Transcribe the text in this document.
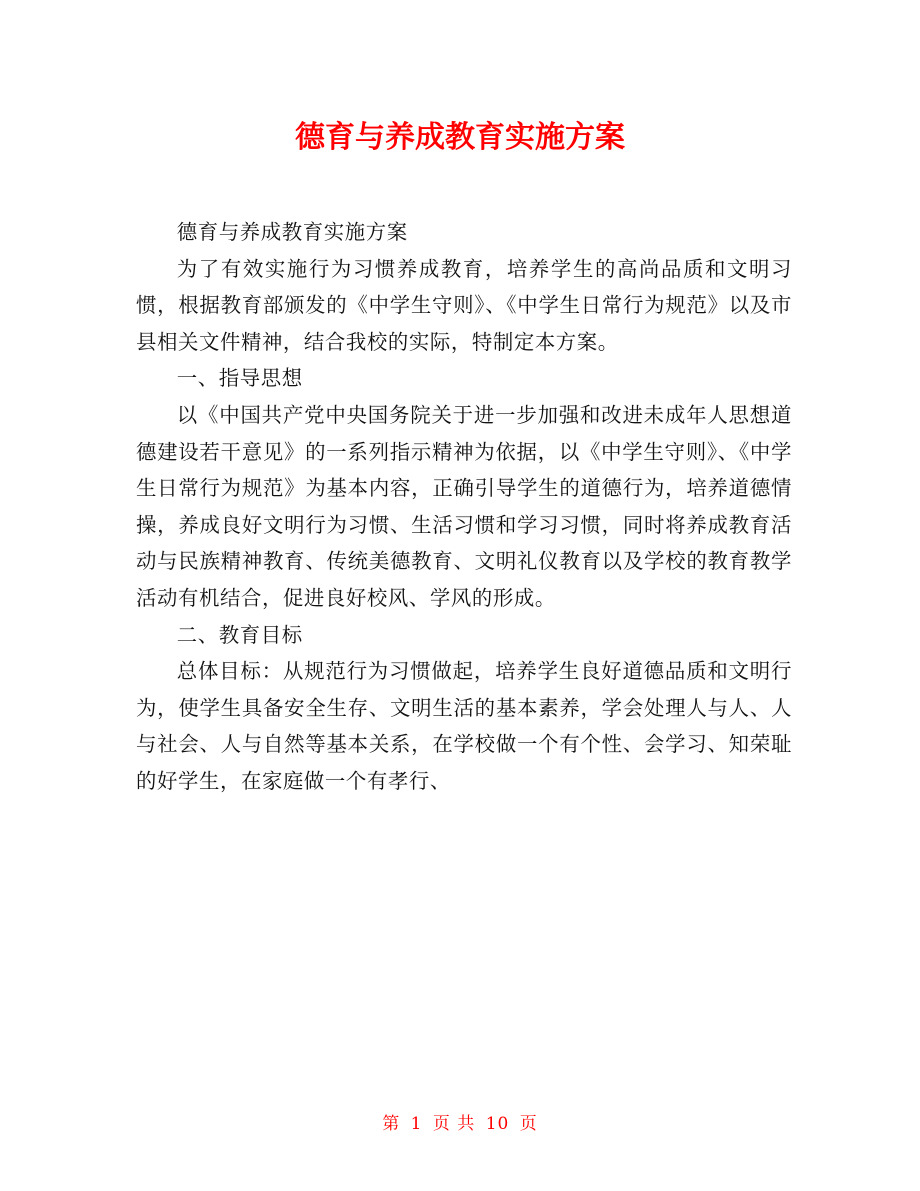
德育与养成教育实施方案

德育与养成教育实施方案

为了有效实施行为习惯养成教育，培养学生的高尚品质和文明习惯，根据教育部颁发的《中学生守则》、《中学生日常行为规范》以及市县相关文件精神，结合我校的实际，特制定本方案。

一、指导思想

以《中国共产党中央国务院关于进一步加强和改进未成年人思想道德建设若干意见》的一系列指示精神为依据，以《中学生守则》、《中学生日常行为规范》为基本内容，正确引导学生的道德行为，培养道德情操，养成良好文明行为习惯、生活习惯和学习习惯，同时将养成教育活动与民族精神教育、传统美德教育、文明礼仪教育以及学校的教育教学活动有机结合，促进良好校风、学风的形成。

二、教育目标

总体目标：从规范行为习惯做起，培养学生良好道德品质和文明行为，使学生具备安全生存、文明生活的基本素养，学会处理人与人、人与社会、人与自然等基本关系，在学校做一个有个性、会学习、知荣耻的好学生，在家庭做一个有孝行、

第 1 页 共 10 页
